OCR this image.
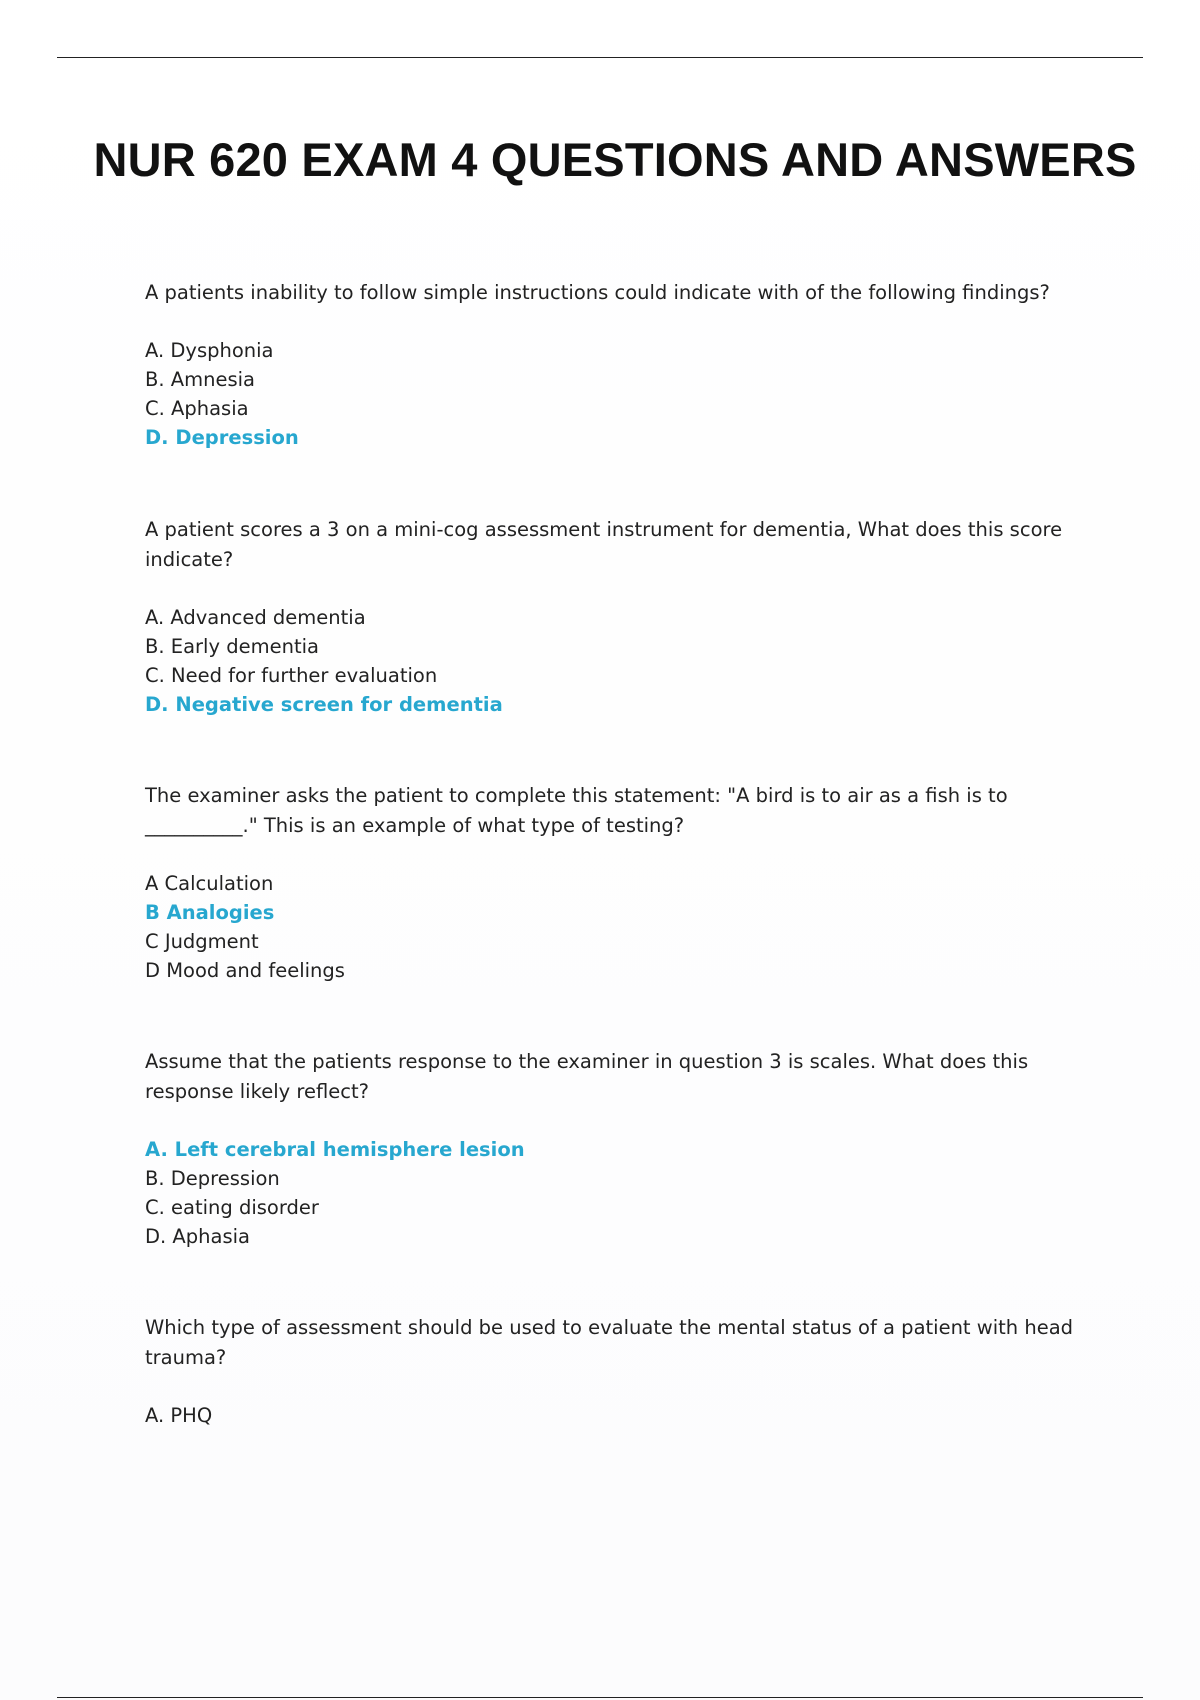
NUR 620 EXAM 4 QUESTIONS AND ANSWERS

A patients inability to follow simple instructions could indicate with of the following findings?

A. Dysphonia
B. Amnesia
C. Aphasia
D. Depression

A patient scores a 3 on a mini-cog assessment instrument for dementia, What does this score indicate?

A. Advanced dementia
B. Early dementia
C. Need for further evaluation
D. Negative screen for dementia

The examiner asks the patient to complete this statement: "A bird is to air as a fish is to __________." This is an example of what type of testing?

A Calculation
B Analogies
C Judgment
D Mood and feelings

Assume that the patients response to the examiner in question 3 is scales. What does this response likely reflect?

A. Left cerebral hemisphere lesion
B. Depression
C. eating disorder
D. Aphasia

Which type of assessment should be used to evaluate the mental status of a patient with head trauma?

A. PHQ
